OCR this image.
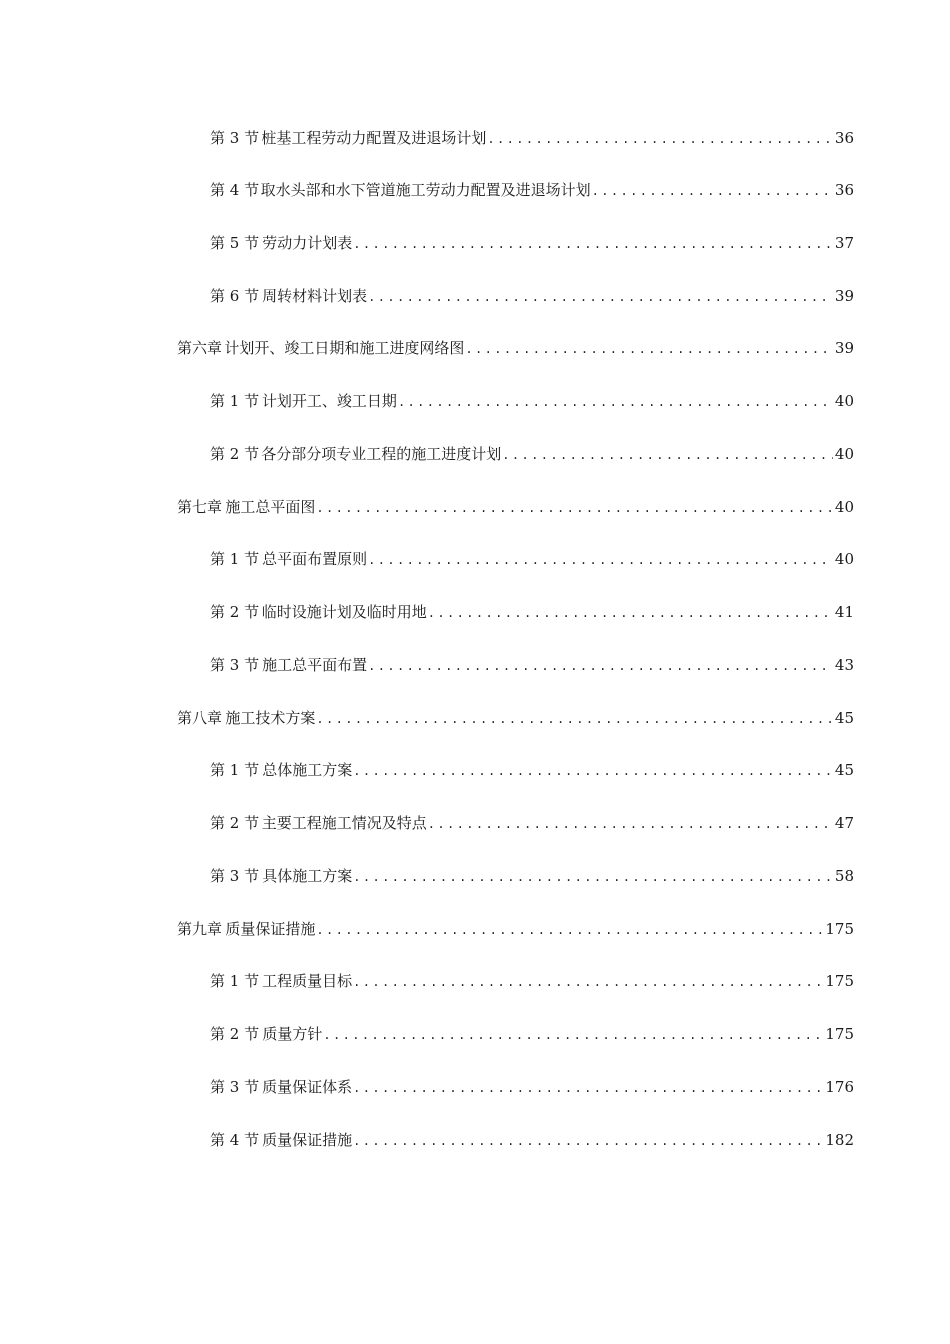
第 3 节 桩基工程劳动力配置及进退场计划 .....	36
第 4 节 取水头部和水下管道施工劳动力配置及进退场计划 .....	36
第 5 节 劳动力计划表 .....	37
第 6 节 周转材料计划表 .....	39
第六章 计划开、竣工日期和施工进度网络图 .....	39
第 1 节 计划开工、竣工日期 .....	40
第 2 节 各分部分项专业工程的施工进度计划 .....	40
第七章 施工总平面图 .....	40
第 1 节 总平面布置原则 .....	40
第 2 节 临时设施计划及临时用地 .....	41
第 3 节 施工总平面布置 .....	43
第八章 施工技术方案 .....	45
第 1 节 总体施工方案 .....	45
第 2 节 主要工程施工情况及特点 .....	47
第 3 节 具体施工方案 .....	58
第九章 质量保证措施 .....	175
第 1 节 工程质量目标 .....	175
第 2 节 质量方针 .....	175
第 3 节 质量保证体系 .....	176
第 4 节 质量保证措施 .....	182
